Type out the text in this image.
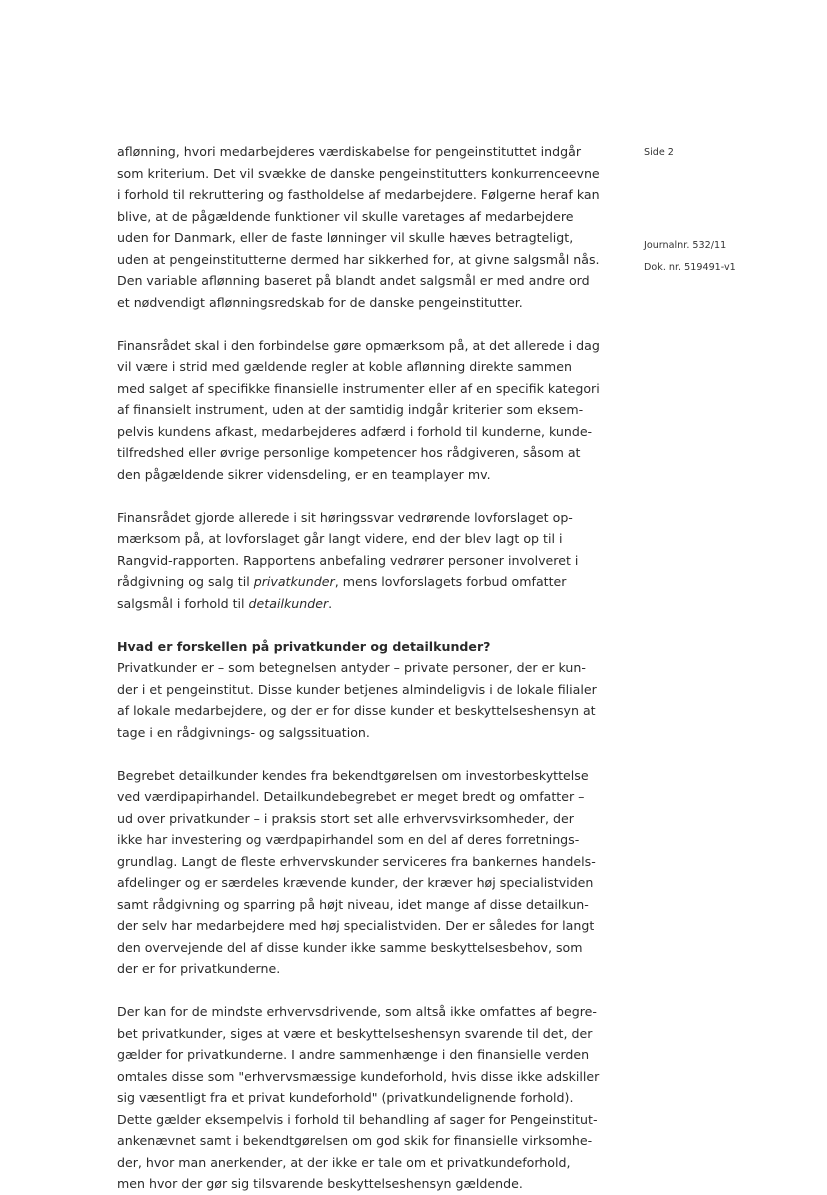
Side 2
Journalnr. 532/11
Dok. nr. 519491-v1
aflønning, hvori medarbejderes værdiskabelse for pengeinstituttet indgår
som kriterium. Det vil svække de danske pengeinstitutters konkurrenceevne
i forhold til rekruttering og fastholdelse af medarbejdere. Følgerne heraf kan
blive, at de pågældende funktioner vil skulle varetages af medarbejdere
uden for Danmark, eller de faste lønninger vil skulle hæves betragteligt,
uden at pengeinstitutterne dermed har sikkerhed for, at givne salgsmål nås.
Den variable aflønning baseret på blandt andet salgsmål er med andre ord
et nødvendigt aflønningsredskab for de danske pengeinstitutter.
Finansrådet skal i den forbindelse gøre opmærksom på, at det allerede i dag
vil være i strid med gældende regler at koble aflønning direkte sammen
med salget af specifikke finansielle instrumenter eller af en specifik kategori
af finansielt instrument, uden at der samtidig indgår kriterier som eksem-
pelvis kundens afkast, medarbejderes adfærd i forhold til kunderne, kunde-
tilfredshed eller øvrige personlige kompetencer hos rådgiveren, såsom at
den pågældende sikrer vidensdeling, er en teamplayer mv.
Finansrådet gjorde allerede i sit høringssvar vedrørende lovforslaget op-
mærksom på, at lovforslaget går langt videre, end der blev lagt op til i
Rangvid-rapporten. Rapportens anbefaling vedrører personer involveret i
rådgivning og salg til privatkunder, mens lovforslagets forbud omfatter
salgsmål i forhold til detailkunder.
Hvad er forskellen på privatkunder og detailkunder?
Privatkunder er – som betegnelsen antyder – private personer, der er kun-
der i et pengeinstitut. Disse kunder betjenes almindeligvis i de lokale filialer
af lokale medarbejdere, og der er for disse kunder et beskyttelseshensyn at
tage i en rådgivnings- og salgssituation.
Begrebet detailkunder kendes fra bekendtgørelsen om investorbeskyttelse
ved værdipapirhandel. Detailkundebegrebet er meget bredt og omfatter –
ud over privatkunder – i praksis stort set alle erhvervsvirksomheder, der
ikke har investering og værdpapirhandel som en del af deres forretnings-
grundlag. Langt de fleste erhvervskunder serviceres fra bankernes handels-
afdelinger og er særdeles krævende kunder, der kræver høj specialistviden
samt rådgivning og sparring på højt niveau, idet mange af disse detailkun-
der selv har medarbejdere med høj specialistviden. Der er således for langt
den overvejende del af disse kunder ikke samme beskyttelsesbehov, som
der er for privatkunderne.
Der kan for de mindste erhvervsdrivende, som altså ikke omfattes af begre-
bet privatkunder, siges at være et beskyttelseshensyn svarende til det, der
gælder for privatkunderne. I andre sammenhænge i den finansielle verden
omtales disse som "erhvervsmæssige kundeforhold, hvis disse ikke adskiller
sig væsentligt fra et privat kundeforhold" (privatkundelignende forhold).
Dette gælder eksempelvis i forhold til behandling af sager for Pengeinstitut-
ankenævnet samt i bekendtgørelsen om god skik for finansielle virksomhe-
der, hvor man anerkender, at der ikke er tale om et privatkundeforhold,
men hvor der gør sig tilsvarende beskyttelseshensyn gældende.
